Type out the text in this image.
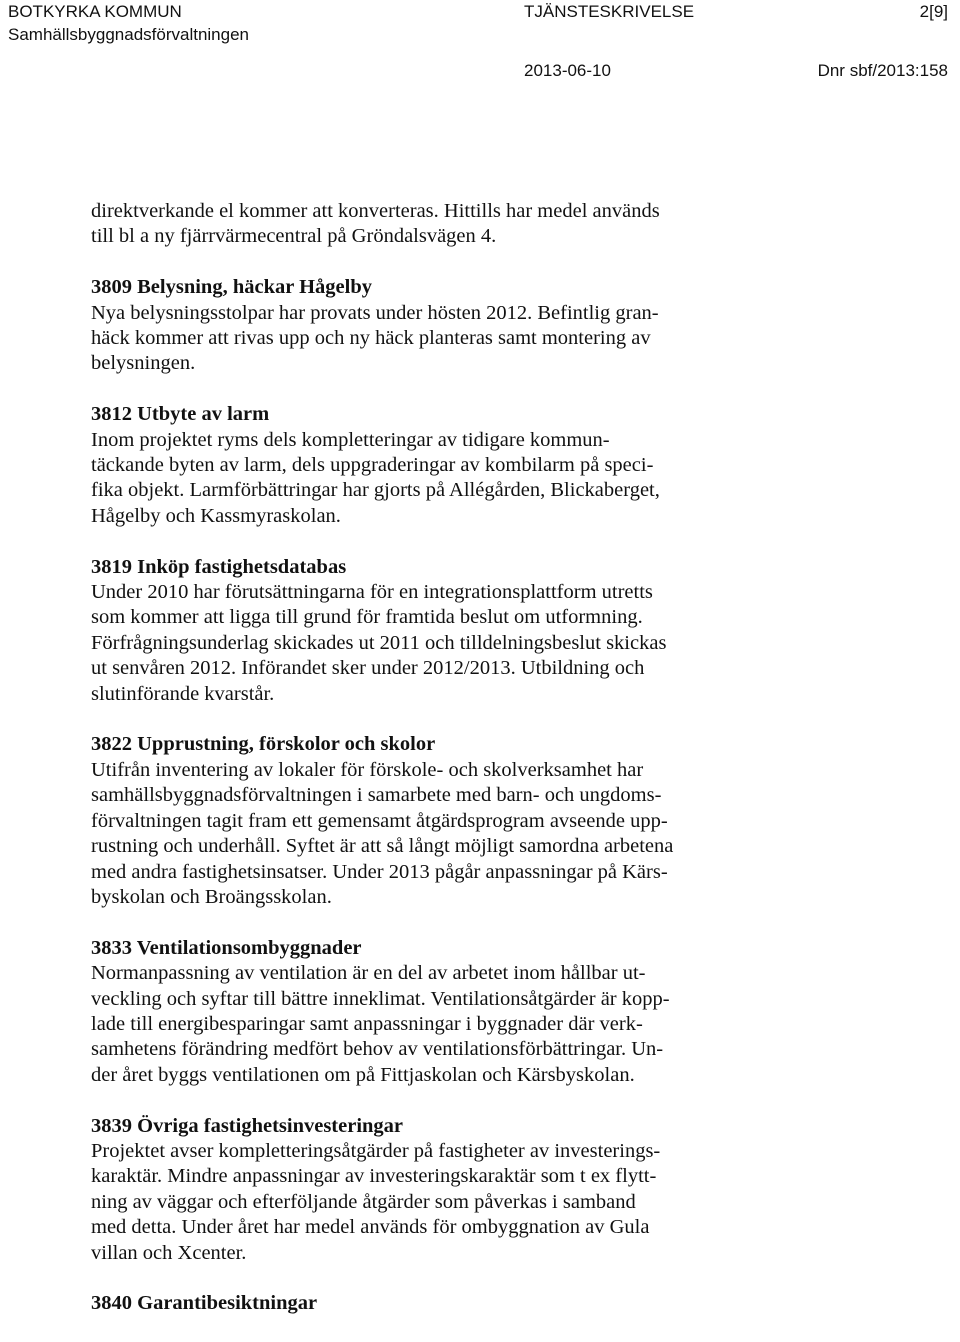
BOTKYRKA KOMMUN
Samhällsbyggnadsförvaltningen
TJÄNSTESKRIVELSE	2[9]
2013-06-10	Dnr sbf/2013:158
direktverkande el kommer att konverteras. Hittills har medel används
till bl a ny fjärrvärmecentral på Gröndalsvägen 4.
3809 Belysning, häckar Hågelby
Nya belysningsstolpar har provats under hösten 2012. Befintlig gran-
häck kommer att rivas upp och ny häck planteras samt montering av
belysningen.
3812 Utbyte av larm
Inom projektet ryms dels kompletteringar av tidigare kommun-
täckande byten av larm, dels uppgraderingar av kombilarm på speci-
fika objekt. Larmförbättringar har gjorts på Allégården, Blickaberget,
Hågelby och Kassmyraskolan.
3819 Inköp fastighetsdatabas
Under 2010 har förutsättningarna för en integrationsplattform utretts
som kommer att ligga till grund för framtida beslut om utformning.
Förfrågningsunderlag skickades ut 2011 och tilldelningsbeslut skickas
ut senvåren 2012. Införandet sker under 2012/2013. Utbildning och
slutinförande kvarstår.
3822 Upprustning, förskolor och skolor
Utifrån inventering av lokaler för förskole- och skolverksamhet har
samhällsbyggnadsförvaltningen i samarbete med barn- och ungdoms-
förvaltningen tagit fram ett gemensamt åtgärdsprogram avseende upp-
rustning och underhåll. Syftet är att så långt möjligt samordna arbetena
med andra fastighetsinsatser. Under 2013 pågår anpassningar på Kärs-
byskolan och Broängsskolan.
3833 Ventilationsombyggnader
Normanpassning av ventilation är en del av arbetet inom hållbar ut-
veckling och syftar till bättre inneklimat. Ventilationsåtgärder är kopp-
lade till energibesparingar samt anpassningar i byggnader där verk-
samhetens förändring medfört behov av ventilationsförbättringar. Un-
der året byggs ventilationen om på Fittjaskolan och Kärsbyskolan.
3839 Övriga fastighetsinvesteringar
Projektet avser kompletteringsåtgärder på fastigheter av investerings-
karaktär. Mindre anpassningar av investeringskaraktär som t ex flytt-
ning av väggar och efterföljande åtgärder som påverkas i samband
med detta. Under året har medel används för ombyggnation av Gula
villan och Xcenter.
3840 Garantibesiktningar
